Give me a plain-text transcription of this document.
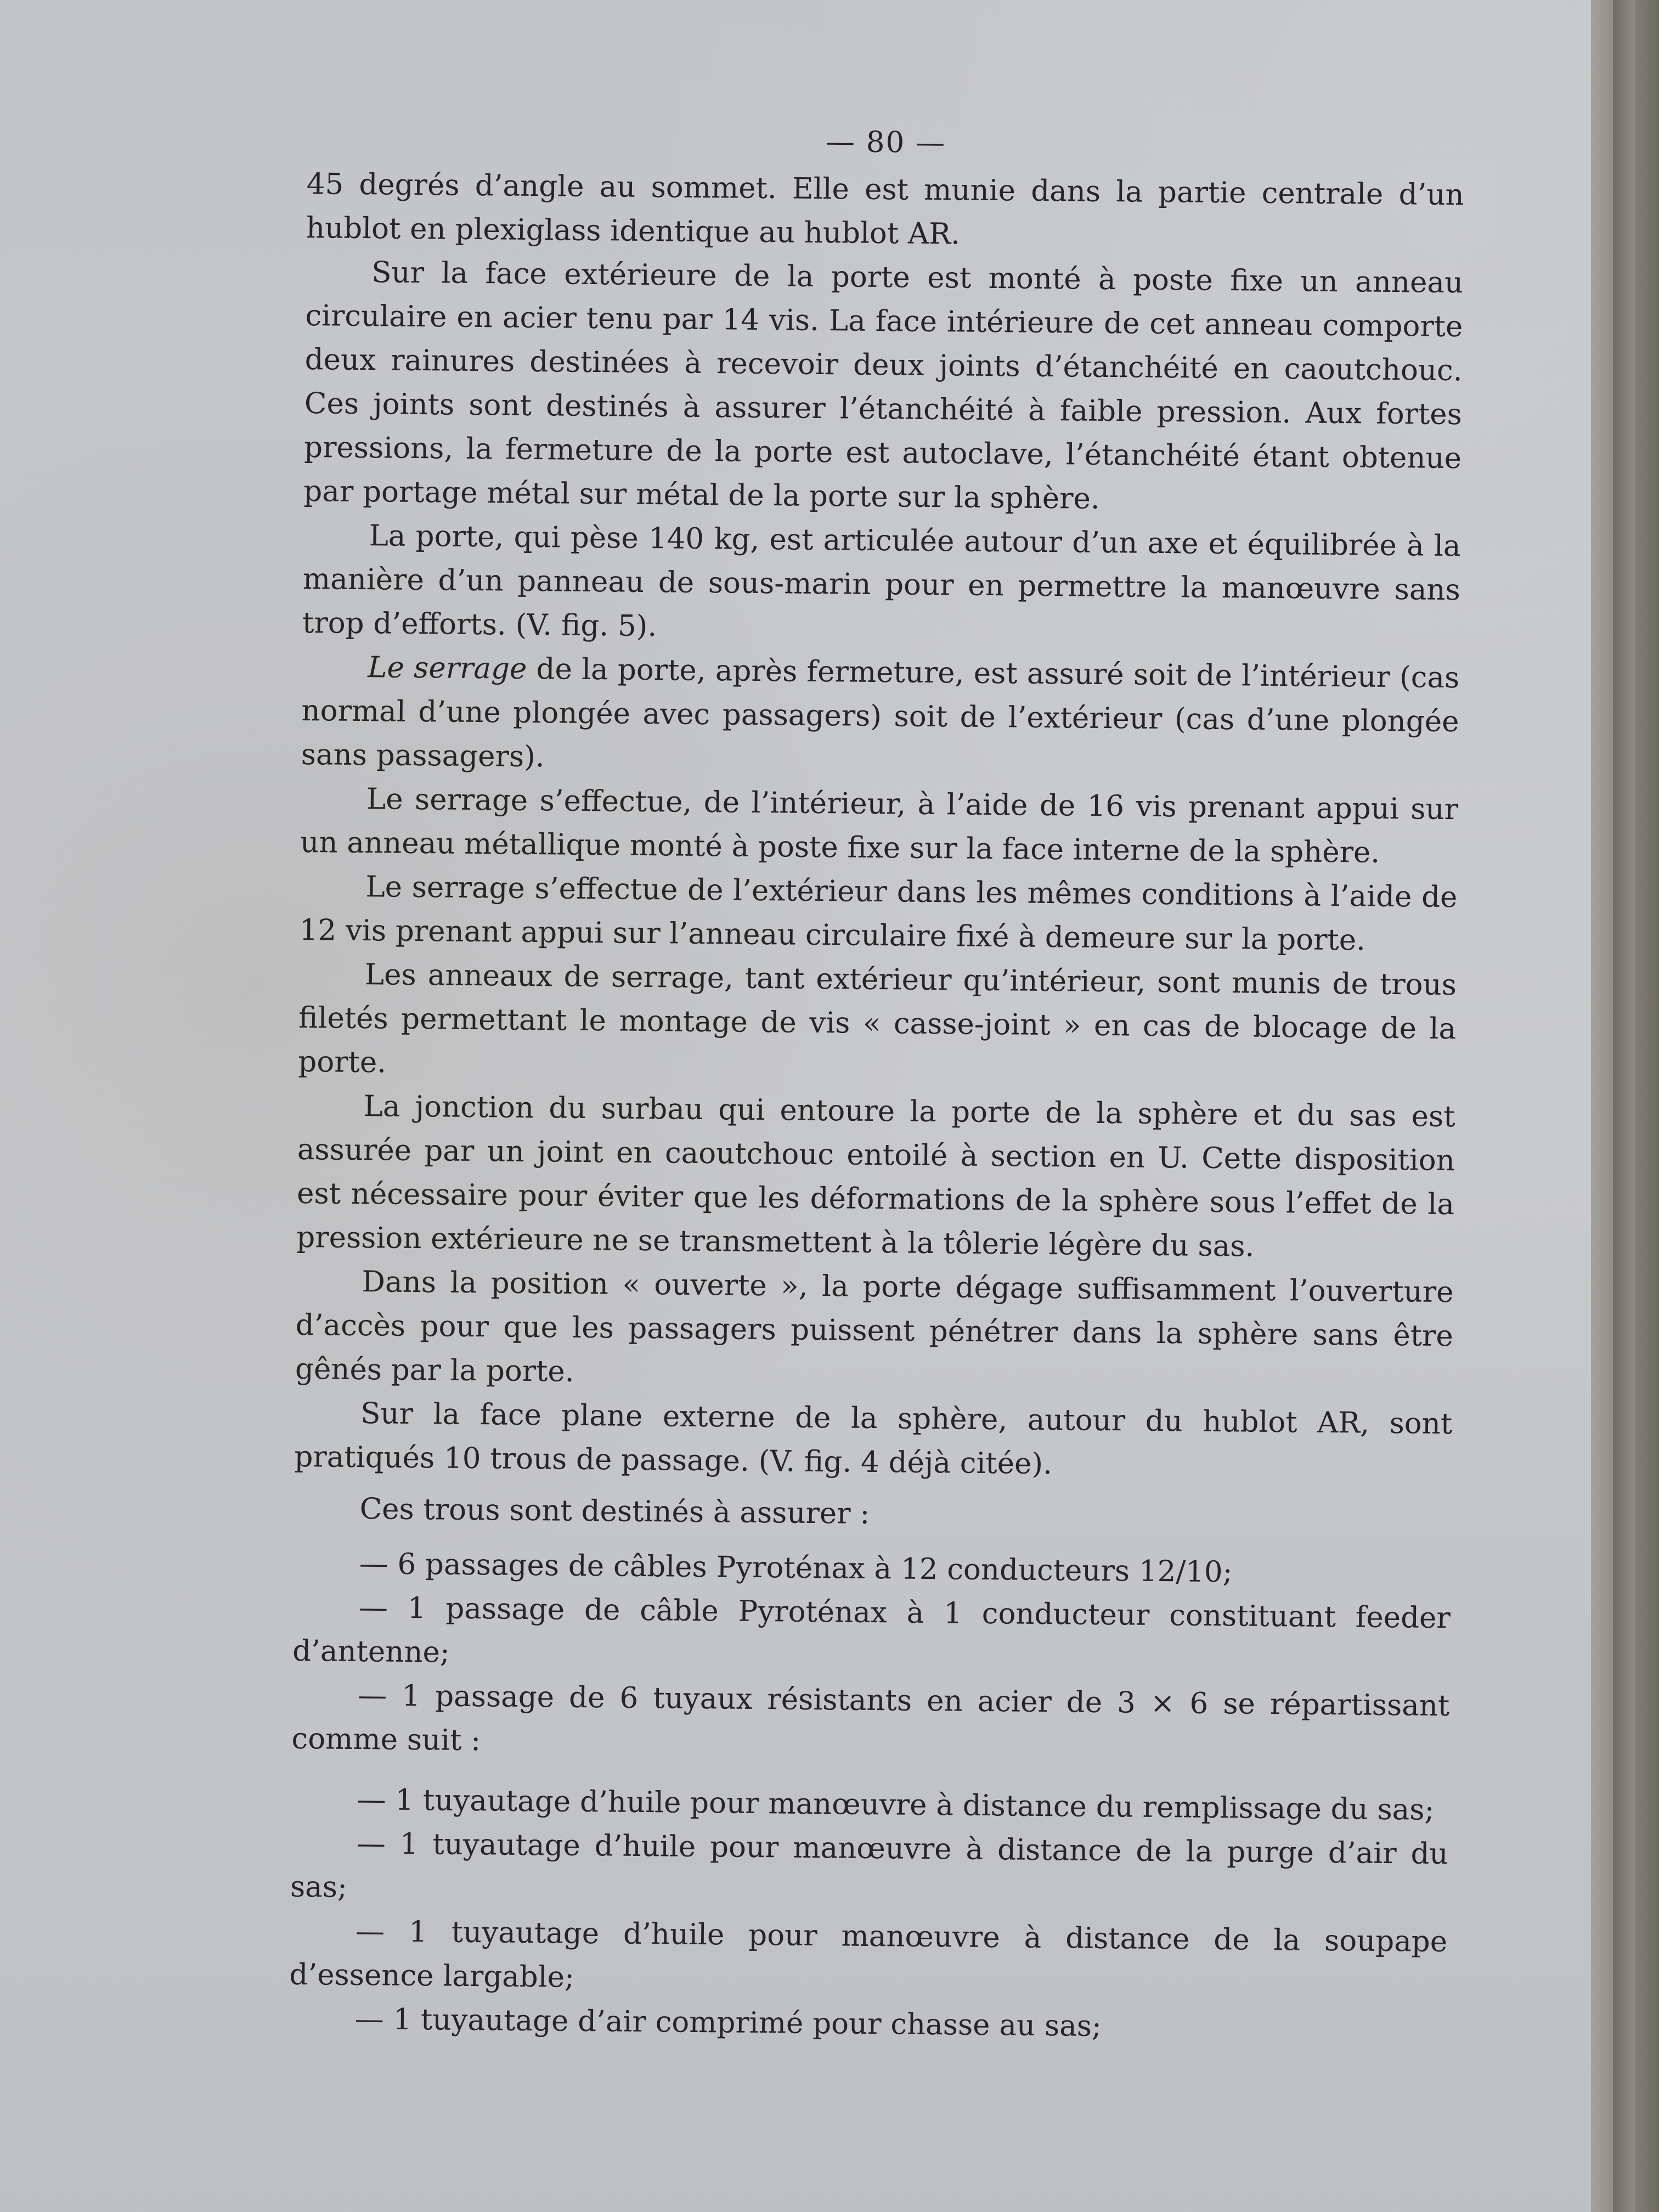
— 80 —

45 degrés d’angle au sommet. Elle est munie dans la partie centrale d’un hublot en plexiglass identique au hublot AR.

Sur la face extérieure de la porte est monté à poste fixe un anneau circulaire en acier tenu par 14 vis. La face intérieure de cet anneau comporte deux rainures destinées à recevoir deux joints d’étanchéité en caoutchouc. Ces joints sont destinés à assurer l’étanchéité à faible pression. Aux fortes pressions, la fermeture de la porte est autoclave, l’étanchéité étant obtenue par portage métal sur métal de la porte sur la sphère.

La porte, qui pèse 140 kg, est articulée autour d’un axe et équilibrée à la manière d’un panneau de sous-marin pour en permettre la manœuvre sans trop d’efforts. (V. fig. 5).

Le serrage de la porte, après fermeture, est assuré soit de l’intérieur (cas normal d’une plongée avec passagers) soit de l’extérieur (cas d’une plongée sans passagers).

Le serrage s’effectue, de l’intérieur, à l’aide de 16 vis prenant appui sur un anneau métallique monté à poste fixe sur la face interne de la sphère.

Le serrage s’effectue de l’extérieur dans les mêmes conditions à l’aide de 12 vis prenant appui sur l’anneau circulaire fixé à demeure sur la porte.

Les anneaux de serrage, tant extérieur qu’intérieur, sont munis de trous filetés permettant le montage de vis « casse-joint » en cas de blocage de la porte.

La jonction du surbau qui entoure la porte de la sphère et du sas est assurée par un joint en caoutchouc entoilé à section en U. Cette disposition est nécessaire pour éviter que les déformations de la sphère sous l’effet de la pression extérieure ne se transmettent à la tôlerie légère du sas.

Dans la position « ouverte », la porte dégage suffisamment l’ouverture d’accès pour que les passagers puissent pénétrer dans la sphère sans être gênés par la porte.

Sur la face plane externe de la sphère, autour du hublot AR, sont pratiqués 10 trous de passage. (V. fig. 4 déjà citée).

Ces trous sont destinés à assurer :

— 6 passages de câbles Pyroténax à 12 conducteurs 12/10;
— 1 passage de câble Pyroténax à 1 conducteur constituant feeder d’antenne;
— 1 passage de 6 tuyaux résistants en acier de 3 × 6 se répartissant comme suit :
— 1 tuyautage d’huile pour manœuvre à distance du remplissage du sas;
— 1 tuyautage d’huile pour manœuvre à distance de la purge d’air du sas;
— 1 tuyautage d’huile pour manœuvre à distance de la soupape d’essence largable;
— 1 tuyautage d’air comprimé pour chasse au sas;
